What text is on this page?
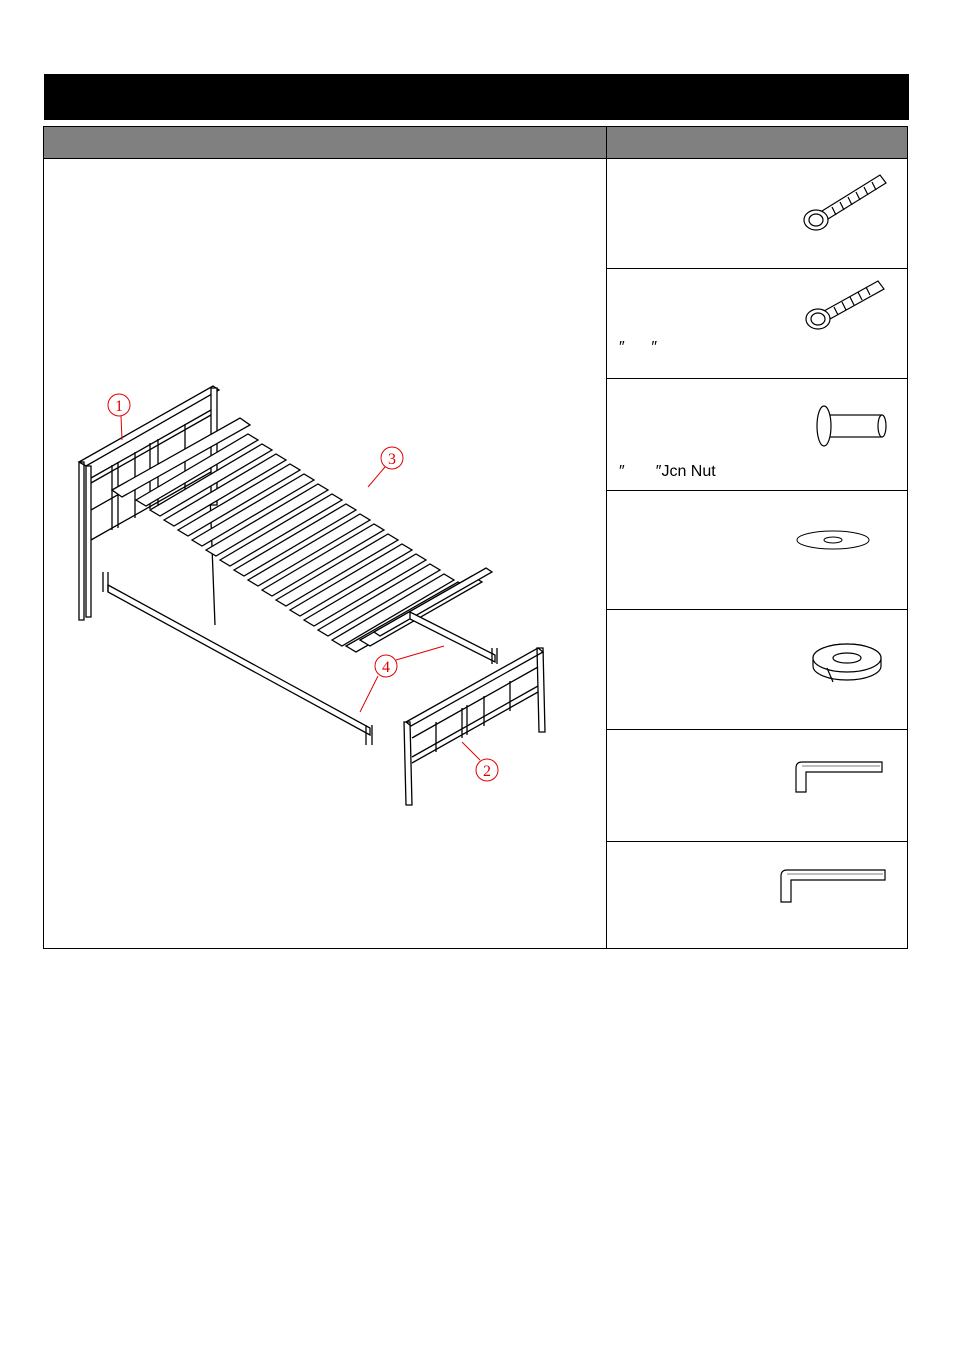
1
2
3
4
″      ″
″       ″Jcn Nut
